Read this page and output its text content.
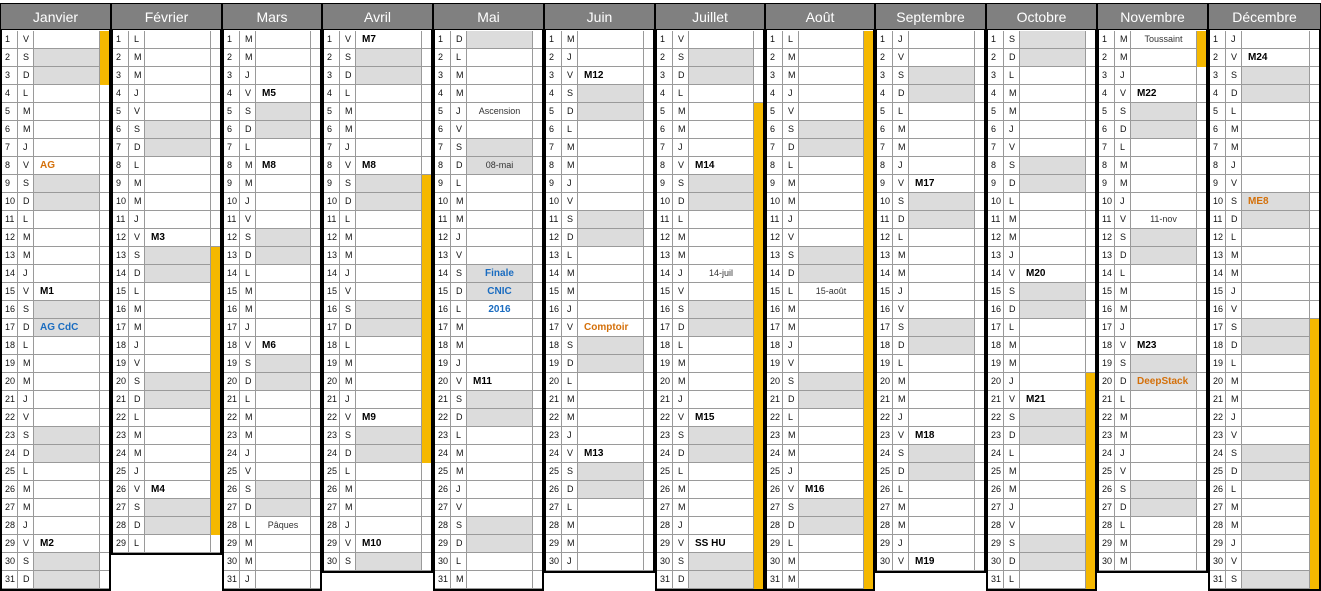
Janvier
1 V
2 S
3 D
4 L
5 M
6 M
7 J
8 V AG
9 S
10 D
11 L
12 M
13 M
14 J
15 V M1
16 S
17 D AG CdC
18 L
19 M
20 M
21 J
22 V
23 S
24 D
25 L
26 M
27 M
28 J
29 V M2
30 S
31 D
Février
1 L
2 M
3 M
4 J
5 V
6 S
7 D
8 L
9 M
10 M
11 J
12 V M3
13 S
14 D
15 L
16 M
17 M
18 J
19 V
20 S
21 D
22 L
23 M
24 M
25 J
26 V M4
27 S
28 D
29 L
Mars
1 M
2 M
3 J
4 V M5
5 S
6 D
7 L
8 M M8
9 M
10 J
11 V
12 S
13 D
14 L
15 M
16 M
17 J
18 V M6
19 S
20 D
21 L
22 M
23 M
24 J
25 V
26 S
27 D
28 L	Pâques
29 M
30 M
31 J
Avril
1 V M7
2 S
3 D
4 L
5 M
6 M
7 J
8 V M8
9 S
10 D
11 L
12 M
13 M
14 J
15 V
16 S
17 D
18 L
19 M
20 M
21 J
22 V M9
23 S
24 D
25 L
26 M
27 M
28 J
29 V M10
30 S
Mai
1 D
2 L
3 M
4 M
5 J	Ascension
6 V
7 S
8 D	08-mai
9 L
10 M
11 M
12 J
13 V
14 S	Finale
15 D	CNIC
16 L	2016
17 M
18 M
19 J
20 V M11
21 S
22 D
23 L
24 M
25 M
26 J
27 V
28 S
29 D
30 L
31 M
Juin
1 M
2 J
3 V M12
4 S
5 D
6 L
7 M
8 M
9 J
10 V
11 S
12 D
13 L
14 M
15 M
16 J
17 V Comptoir
18 S
19 D
20 L
21 M
22 M
23 J
24 V M13
25 S
26 D
27 L
28 M
29 M
30 J
Juillet
1 V
2 S
3 D
4 L
5 M
6 M
7 J
8 V M14
9 S
10 D
11 L
12 M
13 M
14 J	14-juil
15 V
16 S
17 D
18 L
19 M
20 M
21 J
22 V M15
23 S
24 D
25 L
26 M
27 M
28 J
29 V SS HU
30 S
31 D
Août
1 L
2 M
3 M
4 J
5 V
6 S
7 D
8 L
9 M
10 M
11 J
12 V
13 S
14 D
15 L	15-août
16 M
17 M
18 J
19 V
20 S
21 D
22 L
23 M
24 M
25 J
26 V M16
27 S
28 D
29 L
30 M
31 M
Septembre
1 J
2 V
3 S
4 D
5 L
6 M
7 M
8 J
9 V M17
10 S
11 D
12 L
13 M
14 M
15 J
16 V
17 S
18 D
19 L
20 M
21 M
22 J
23 V M18
24 S
25 D
26 L
27 M
28 M
29 J
30 V M19
Octobre
1 S
2 D
3 L
4 M
5 M
6 J
7 V
8 S
9 D
10 L
11 M
12 M
13 J
14 V M20
15 S
16 D
17 L
18 M
19 M
20 J
21 V M21
22 S
23 D
24 L
25 M
26 M
27 J
28 V
29 S
30 D
31 L
Novembre
1 M	Toussaint
2 M
3 J
4 V M22
5 S
6 D
7 L
8 M
9 M
10 J
11 V	11-nov
12 S
13 D
14 L
15 M
16 M
17 J
18 V M23
19 S
20 D DeepStack
21 L
22 M
23 M
24 J
25 V
26 S
27 D
28 L
29 M
30 M
Décembre
1 J
2 V M24
3 S
4 D
5 L
6 M
7 M
8 J
9 V
10 S ME8
11 D
12 L
13 M
14 M
15 J
16 V
17 S
18 D
19 L
20 M
21 M
22 J
23 V
24 S
25 D
26 L
27 M
28 M
29 J
30 V
31 S
